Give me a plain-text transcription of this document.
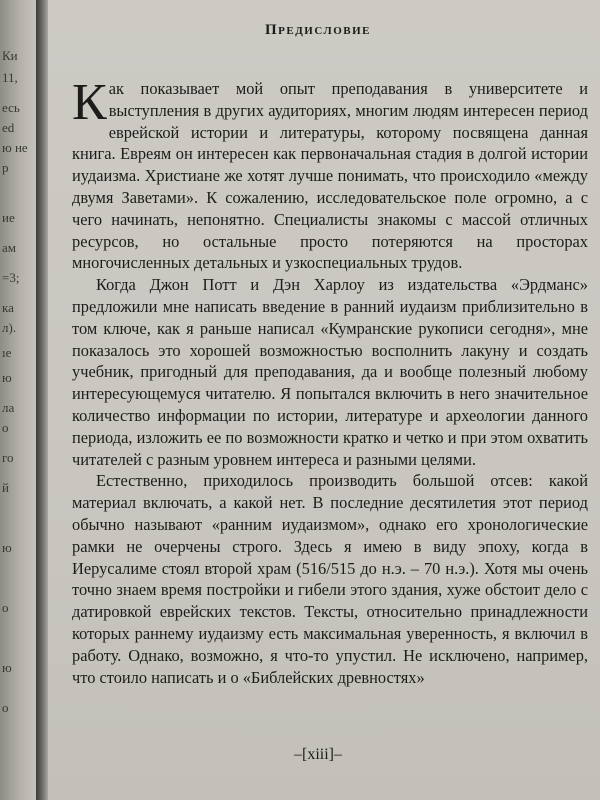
Ки
11,
есь
ed
ю не
р
ие
ам
=3;
ка
л).
ıе
ю
ла
о
го
й
ю
о
ю
о
Предисловие

Как показывает мой опыт преподавания в университете и выступления в других аудиториях, многим людям интересен период еврейской истории и литературы, которому посвящена данная книга. Евреям он интересен как первоначальная стадия в долгой истории иудаизма. Христиане же хотят лучше понимать, что происходило «между двумя Заветами». К сожалению, исследовательское поле огромно, а с чего начинать, непонятно. Специалисты знакомы с массой отличных ресурсов, но остальные просто потеряются на просторах многочисленных детальных и узкоспециальных трудов.

Когда Джон Потт и Дэн Харлоу из издательства «Эрдманс» предложили мне написать введение в ранний иудаизм приблизительно в том ключе, как я раньше написал «Кумранские рукописи сегодня», мне показалось это хорошей возможностью восполнить лакуну и создать учебник, пригодный для преподавания, да и вообще полезный любому интересующемуся читателю. Я попытался включить в него значительное количество информации по истории, литературе и археологии данного периода, изложить ее по возможности кратко и четко и при этом охватить читателей с разным уровнем интереса и разными целями.

Естественно, приходилось производить большой отсев: какой материал включать, а какой нет. В последние десятилетия этот период обычно называют «ранним иудаизмом», однако его хронологические рамки не очерчены строго. Здесь я имею в виду эпоху, когда в Иерусалиме стоял второй храм (516/515 до н.э. – 70 н.э.). Хотя мы очень точно знаем время постройки и гибели этого здания, хуже обстоит дело с датировкой еврейских текстов. Тексты, относительно принадлежности которых раннему иудаизму есть максимальная уверенность, я включил в работу. Однако, возможно, я что-то упустил. Не исключено, например, что стоило написать и о «Библейских древностях»

–[xiii]–
